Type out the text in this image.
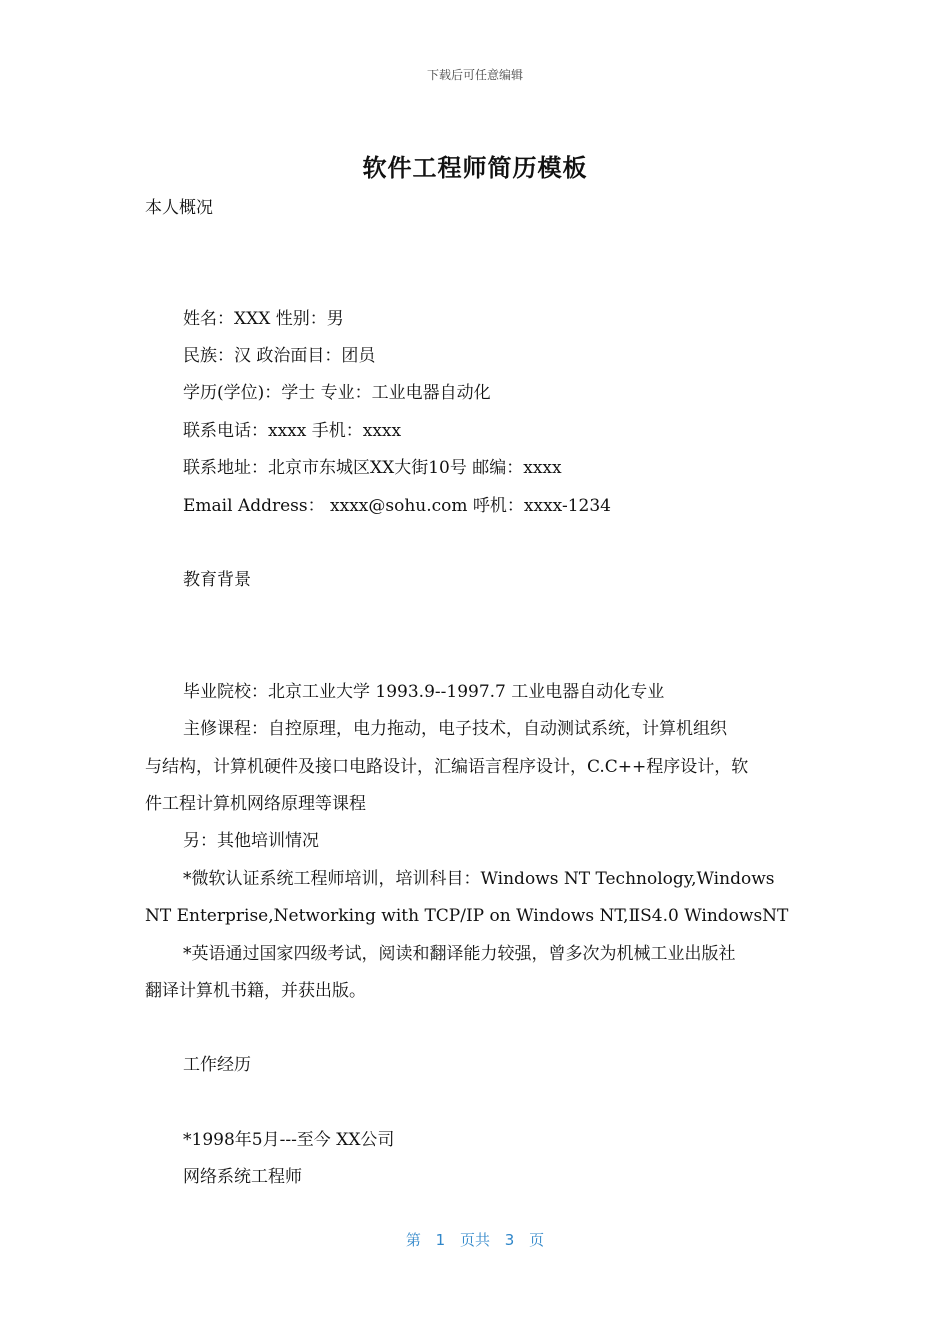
下载后可任意编辑
软件工程师简历模板
本人概况
姓名：XXX 性别：男
民族：汉 政治面目：团员
学历(学位)：学士 专业：工业电器自动化
联系电话：xxxx 手机：xxxx
联系地址：北京市东城区XX大街10号 邮编：xxxx
Email Address： xxxx@sohu.com 呼机：xxxx-1234
教育背景
毕业院校：北京工业大学 1993.9--1997.7 工业电器自动化专业
主修课程：自控原理，电力拖动，电子技术，自动测试系统，计算机组织
与结构，计算机硬件及接口电路设计，汇编语言程序设计，C.C++程序设计，软
件工程计算机网络原理等课程
另：其他培训情况
*微软认证系统工程师培训，培训科目：Windows NT Technology,Windows
NT Enterprise,Networking with TCP/IP on Windows NT,ⅡS4.0 WindowsNT
*英语通过国家四级考试，阅读和翻译能力较强，曾多次为机械工业出版社
翻译计算机书籍，并获出版。
工作经历
*1998年5月---至今 XX公司
网络系统工程师
第 1 页共 3 页
